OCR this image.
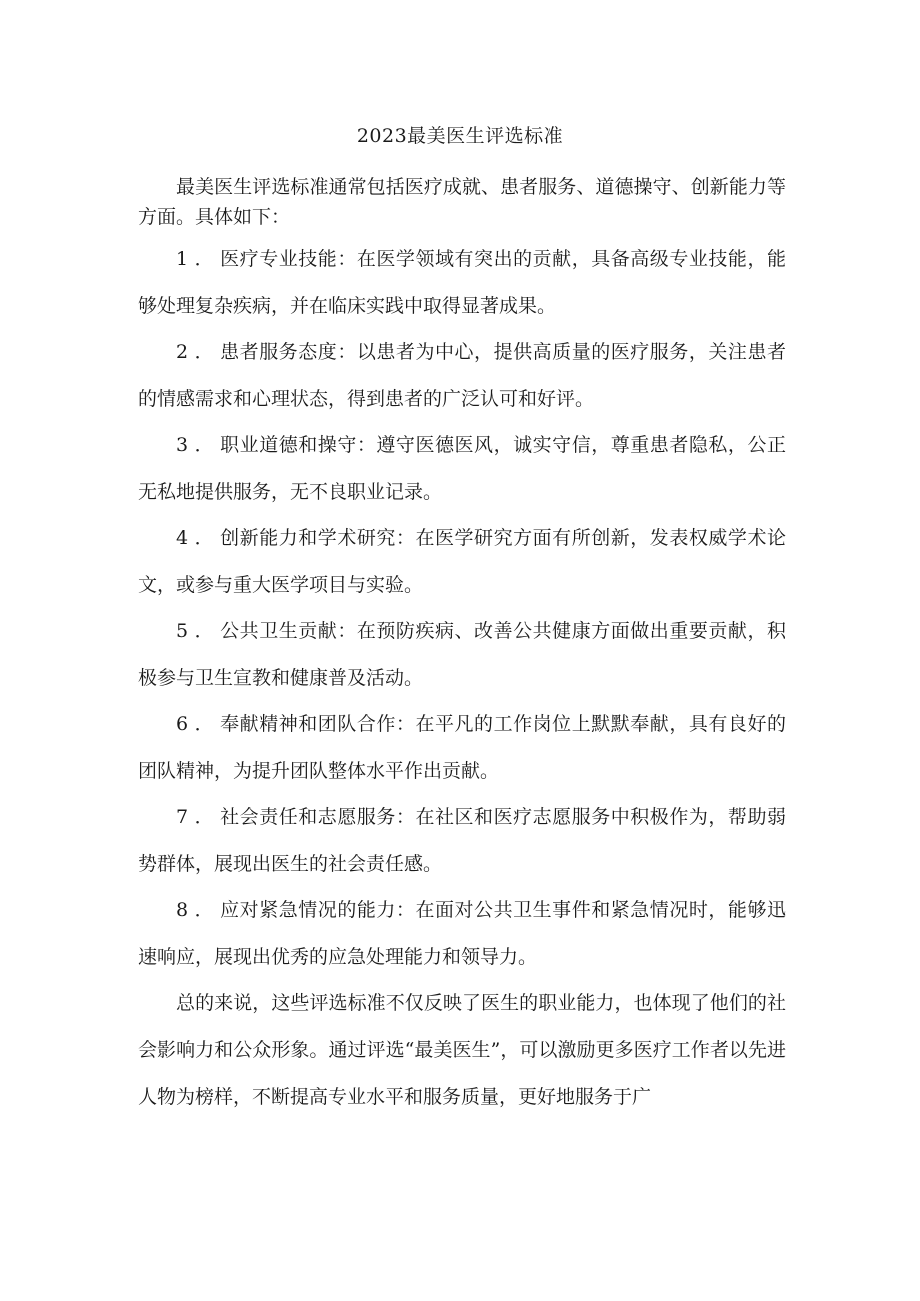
2023最美医生评选标准

最美医生评选标准通常包括医疗成就、患者服务、道德操守、创新能力等方面。具体如下：

1．医疗专业技能：在医学领域有突出的贡献，具备高级专业技能，能够处理复杂疾病，并在临床实践中取得显著成果。

2．患者服务态度：以患者为中心，提供高质量的医疗服务，关注患者的情感需求和心理状态，得到患者的广泛认可和好评。

3．职业道德和操守：遵守医德医风，诚实守信，尊重患者隐私，公正无私地提供服务，无不良职业记录。

4．创新能力和学术研究：在医学研究方面有所创新，发表权威学术论文，或参与重大医学项目与实验。

5．公共卫生贡献：在预防疾病、改善公共健康方面做出重要贡献，积极参与卫生宣教和健康普及活动。

6．奉献精神和团队合作：在平凡的工作岗位上默默奉献，具有良好的团队精神，为提升团队整体水平作出贡献。

7．社会责任和志愿服务：在社区和医疗志愿服务中积极作为，帮助弱势群体，展现出医生的社会责任感。

8．应对紧急情况的能力：在面对公共卫生事件和紧急情况时，能够迅速响应，展现出优秀的应急处理能力和领导力。

总的来说，这些评选标准不仅反映了医生的职业能力，也体现了他们的社会影响力和公众形象。通过评选“最美医生”，可以激励更多医疗工作者以先进人物为榜样，不断提高专业水平和服务质量，更好地服务于广
